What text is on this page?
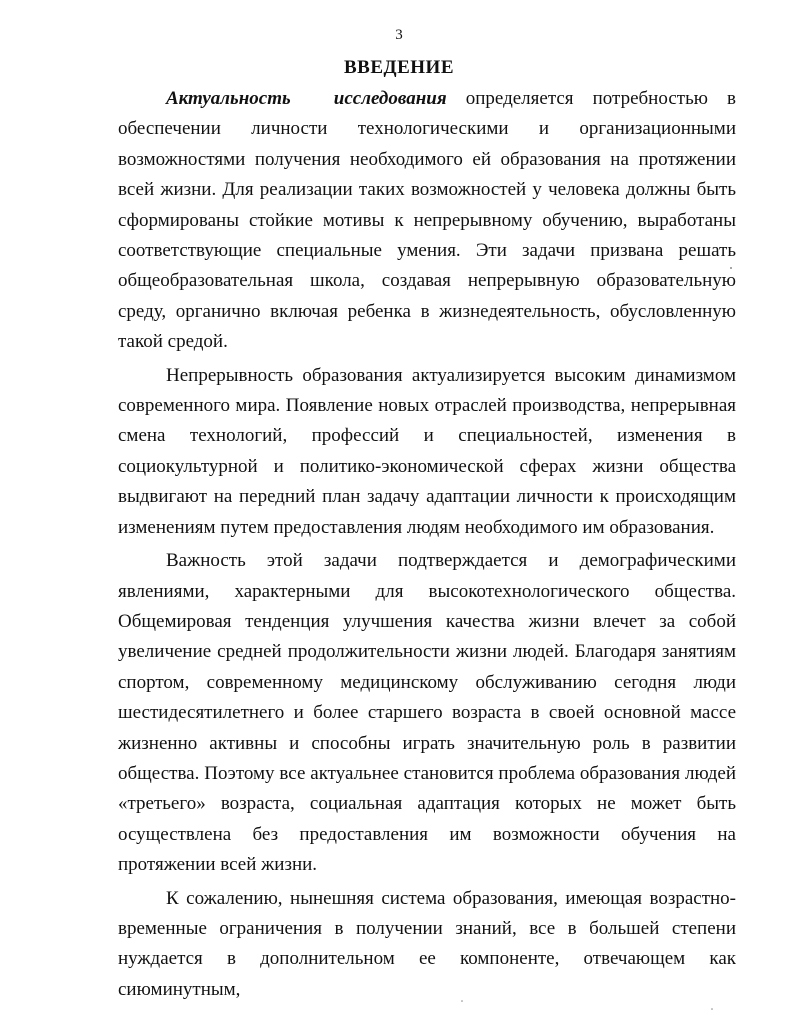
3
ВВЕДЕНИЕ

Актуальность исследования определяется потребностью в обеспечении личности технологическими и организационными возможностями получения необходимого ей образования на протяжении всей жизни. Для реализации таких возможностей у человека должны быть сформированы стойкие мотивы к непрерывному обучению, выработаны соответствующие специальные умения. Эти задачи призвана решать общеобразовательная школа, создавая непрерывную образовательную среду, органично включая ребенка в жизнедеятельность, обусловленную такой средой.

Непрерывность образования актуализируется высоким динамизмом современного мира. Появление новых отраслей производства, непрерывная смена технологий, профессий и специальностей, изменения в социокультурной и политико-экономической сферах жизни общества выдвигают на передний план задачу адаптации личности к происходящим изменениям путем предоставления людям необходимого им образования.

Важность этой задачи подтверждается и демографическими явлениями, характерными для высокотехнологического общества. Общемировая тенденция улучшения качества жизни влечет за собой увеличение средней продолжительности жизни людей. Благодаря занятиям спортом, современному медицинскому обслуживанию сегодня люди шестидесятилетнего и более старшего возраста в своей основной массе жизненно активны и способны играть значительную роль в развитии общества. Поэтому все актуальнее становится проблема образования людей «третьего» возраста, социальная адаптация которых не может быть осуществлена без предоставления им возможности обучения на протяжении всей жизни.

К сожалению, нынешняя система образования, имеющая возрастно-временные ограничения в получении знаний, все в большей степени нуждается в дополнительном ее компоненте, отвечающем как сиюминутным,
